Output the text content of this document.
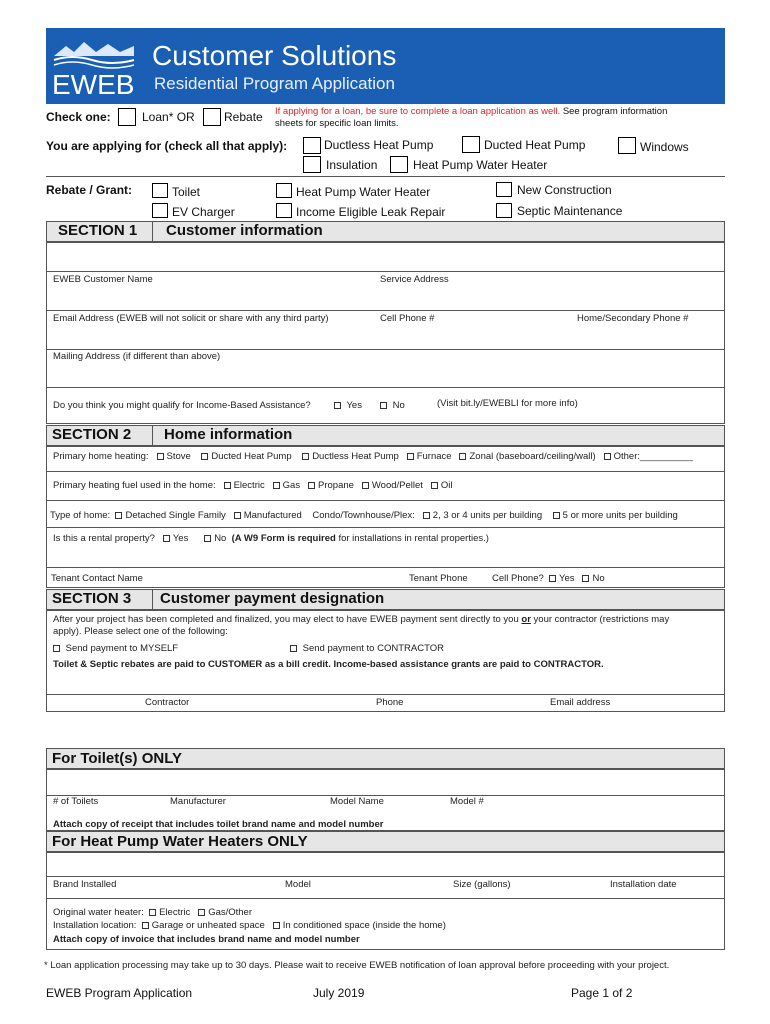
EWEB
Customer Solutions
Residential Program Application
Check one:	Loan* OR Rebate If applying for a loan, be sure to complete a loan application as well. See program information
sheets for specific loan limits.
You are applying for (check all that apply):	Ductless Heat Pump	Ducted Heat Pump	Windows
Insulation	Heat Pump Water Heater
Rebate / Grant:	Toilet
EV Charger
Heat Pump Water Heater
Income Eligible Leak Repair
New Construction
Septic Maintenance
SECTION 1 Customer information
EWEB Customer Name	Service Address
Email Address (EWEB will not solicit or share with any third party)	Cell Phone #	Home/Secondary Phone #
Mailing Address (if different than above)
Do you think you might qualify for Income-Based Assistance?	Yes	No	(Visit bit.ly/EWEBLI for more info)
SECTION 2 Home information
Primary home heating: Stove Ducted Heat Pump Ductless Heat Pump Furnace Zonal (baseboard/ceiling/wall) Other:__________
Primary heating fuel used in the home: Electric Gas Propane Wood/Pellet Oil
Type of home: Detached Single Family Manufactured Condo/Townhouse/Plex: 2, 3 or 4 units per building 5 or more units per building
Is this a rental property? Yes	No (A W9 Form is required for installations in rental properties.)
Tenant Contact Name	Tenant Phone	Cell Phone? Yes No
SECTION 3 Customer payment designation
After your project has been completed and finalized, you may elect to have EWEB payment sent directly to you or your contractor (restrictions may
apply). Please select one of the following:
Send payment to MYSELF	Send payment to CONTRACTOR
Toilet & Septic rebates are paid to CUSTOMER as a bill credit. Income-based assistance grants are paid to CONTRACTOR.
Contractor	Phone	Email address
For Toilet(s) ONLY
# of Toilets	Manufacturer	Model Name	Model #
Attach copy of receipt that includes toilet brand name and model number
For Heat Pump Water Heaters ONLY
Brand Installed	Model	Size (gallons)	Installation date
Original water heater: Electric Gas/Other
Installation location: Garage or unheated space In conditioned space (inside the home)
Attach copy of invoice that includes brand name and model number
* Loan application processing may take up to 30 days. Please wait to receive EWEB notification of loan approval before proceeding with your project.
EWEB Program Application	July 2019	Page 1 of 2
